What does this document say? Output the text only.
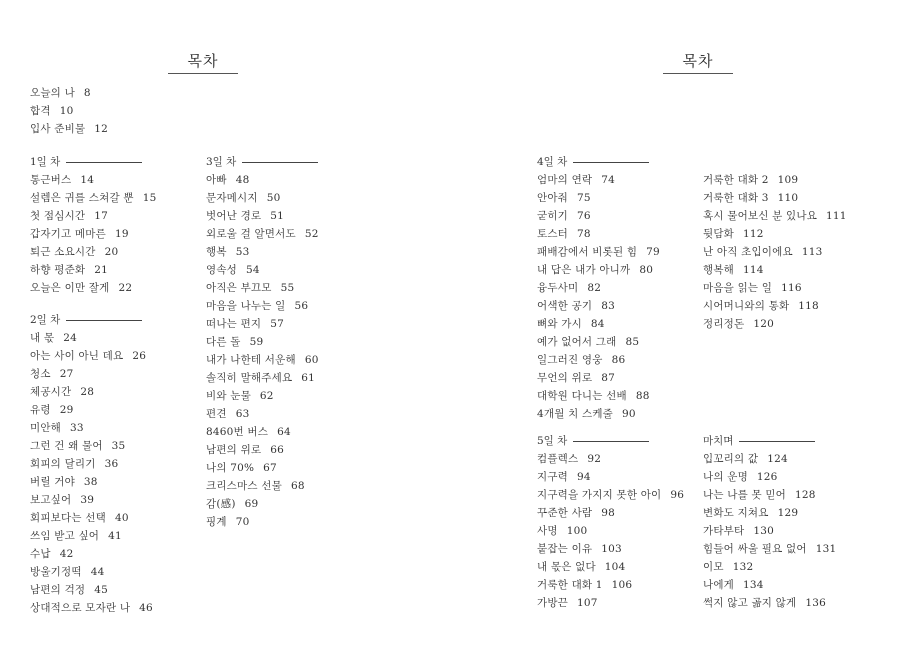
목차
오늘의 나 8
합격 10
입사 준비물 12
1일 차
통근버스 14
설렘은 귀를 스쳐갈 뿐 15
첫 점심시간 17
갑자기고 메마른 19
퇴근 소요시간 20
하향 평준화 21
오늘은 이만 잘게 22
2일 차
내 몫 24
아는 사이 아닌 데요 26
청소 27
체공시간 28
유령 29
미안해 33
그런 건 왜 물어 35
회피의 달리기 36
버릴 거야 38
보고싶어 39
회피보다는 선택 40
쓰임 받고 싶어 41
수납 42
방울기정떡 44
남편의 걱정 45
상대적으로 모자란 나 46
3일 차
아빠 48
문자메시지 50
벗어난 경로 51
외로울 걸 알면서도 52
행복 53
영속성 54
아직은 부끄모 55
마음을 나누는 일 56
떠나는 편지 57
다른 돌 59
내가 나한테 서운해 60
솔직히 말해주세요 61
비와 눈물 62
편견 63
8460번 버스 64
남편의 위로 66
나의 70% 67
크리스마스 선물 68
감(感) 69
핑계 70
목차
4일 차
엄마의 연락 74
안아줘 75
굳히기 76
토스터 78
패배감에서 비롯된 힘 79
내 답은 내가 아니까 80
융두사미 82
어색한 공기 83
뼈와 가시 84
예가 없어서 그래 85
일그러진 영웅 86
무언의 위로 87
대학원 다니는 선배 88
4개월 치 스케줄 90
5일 차
컴플렉스 92
지구력 94
지구력을 가지지 못한 아이 96
꾸준한 사람 98
사명 100
붙잡는 이유 103
내 몫은 없다 104
거룩한 대화 1 106
가방끈 107
거룩한 대화 2 109
거룩한 대화 3 110
혹시 물어보신 분 있나요 111
뒷담화 112
난 아직 초입이에요 113
행복해 114
마음을 읽는 일 116
시어머니와의 통화 118
정리정돈 120
마치며
입꼬리의 값 124
나의 운명 126
나는 나를 못 믿어 128
변화도 지쳐요 129
가타부타 130
힘들어 싸울 필요 없어 131
이모 132
나에게 134
썩지 않고 곪지 않게 136
